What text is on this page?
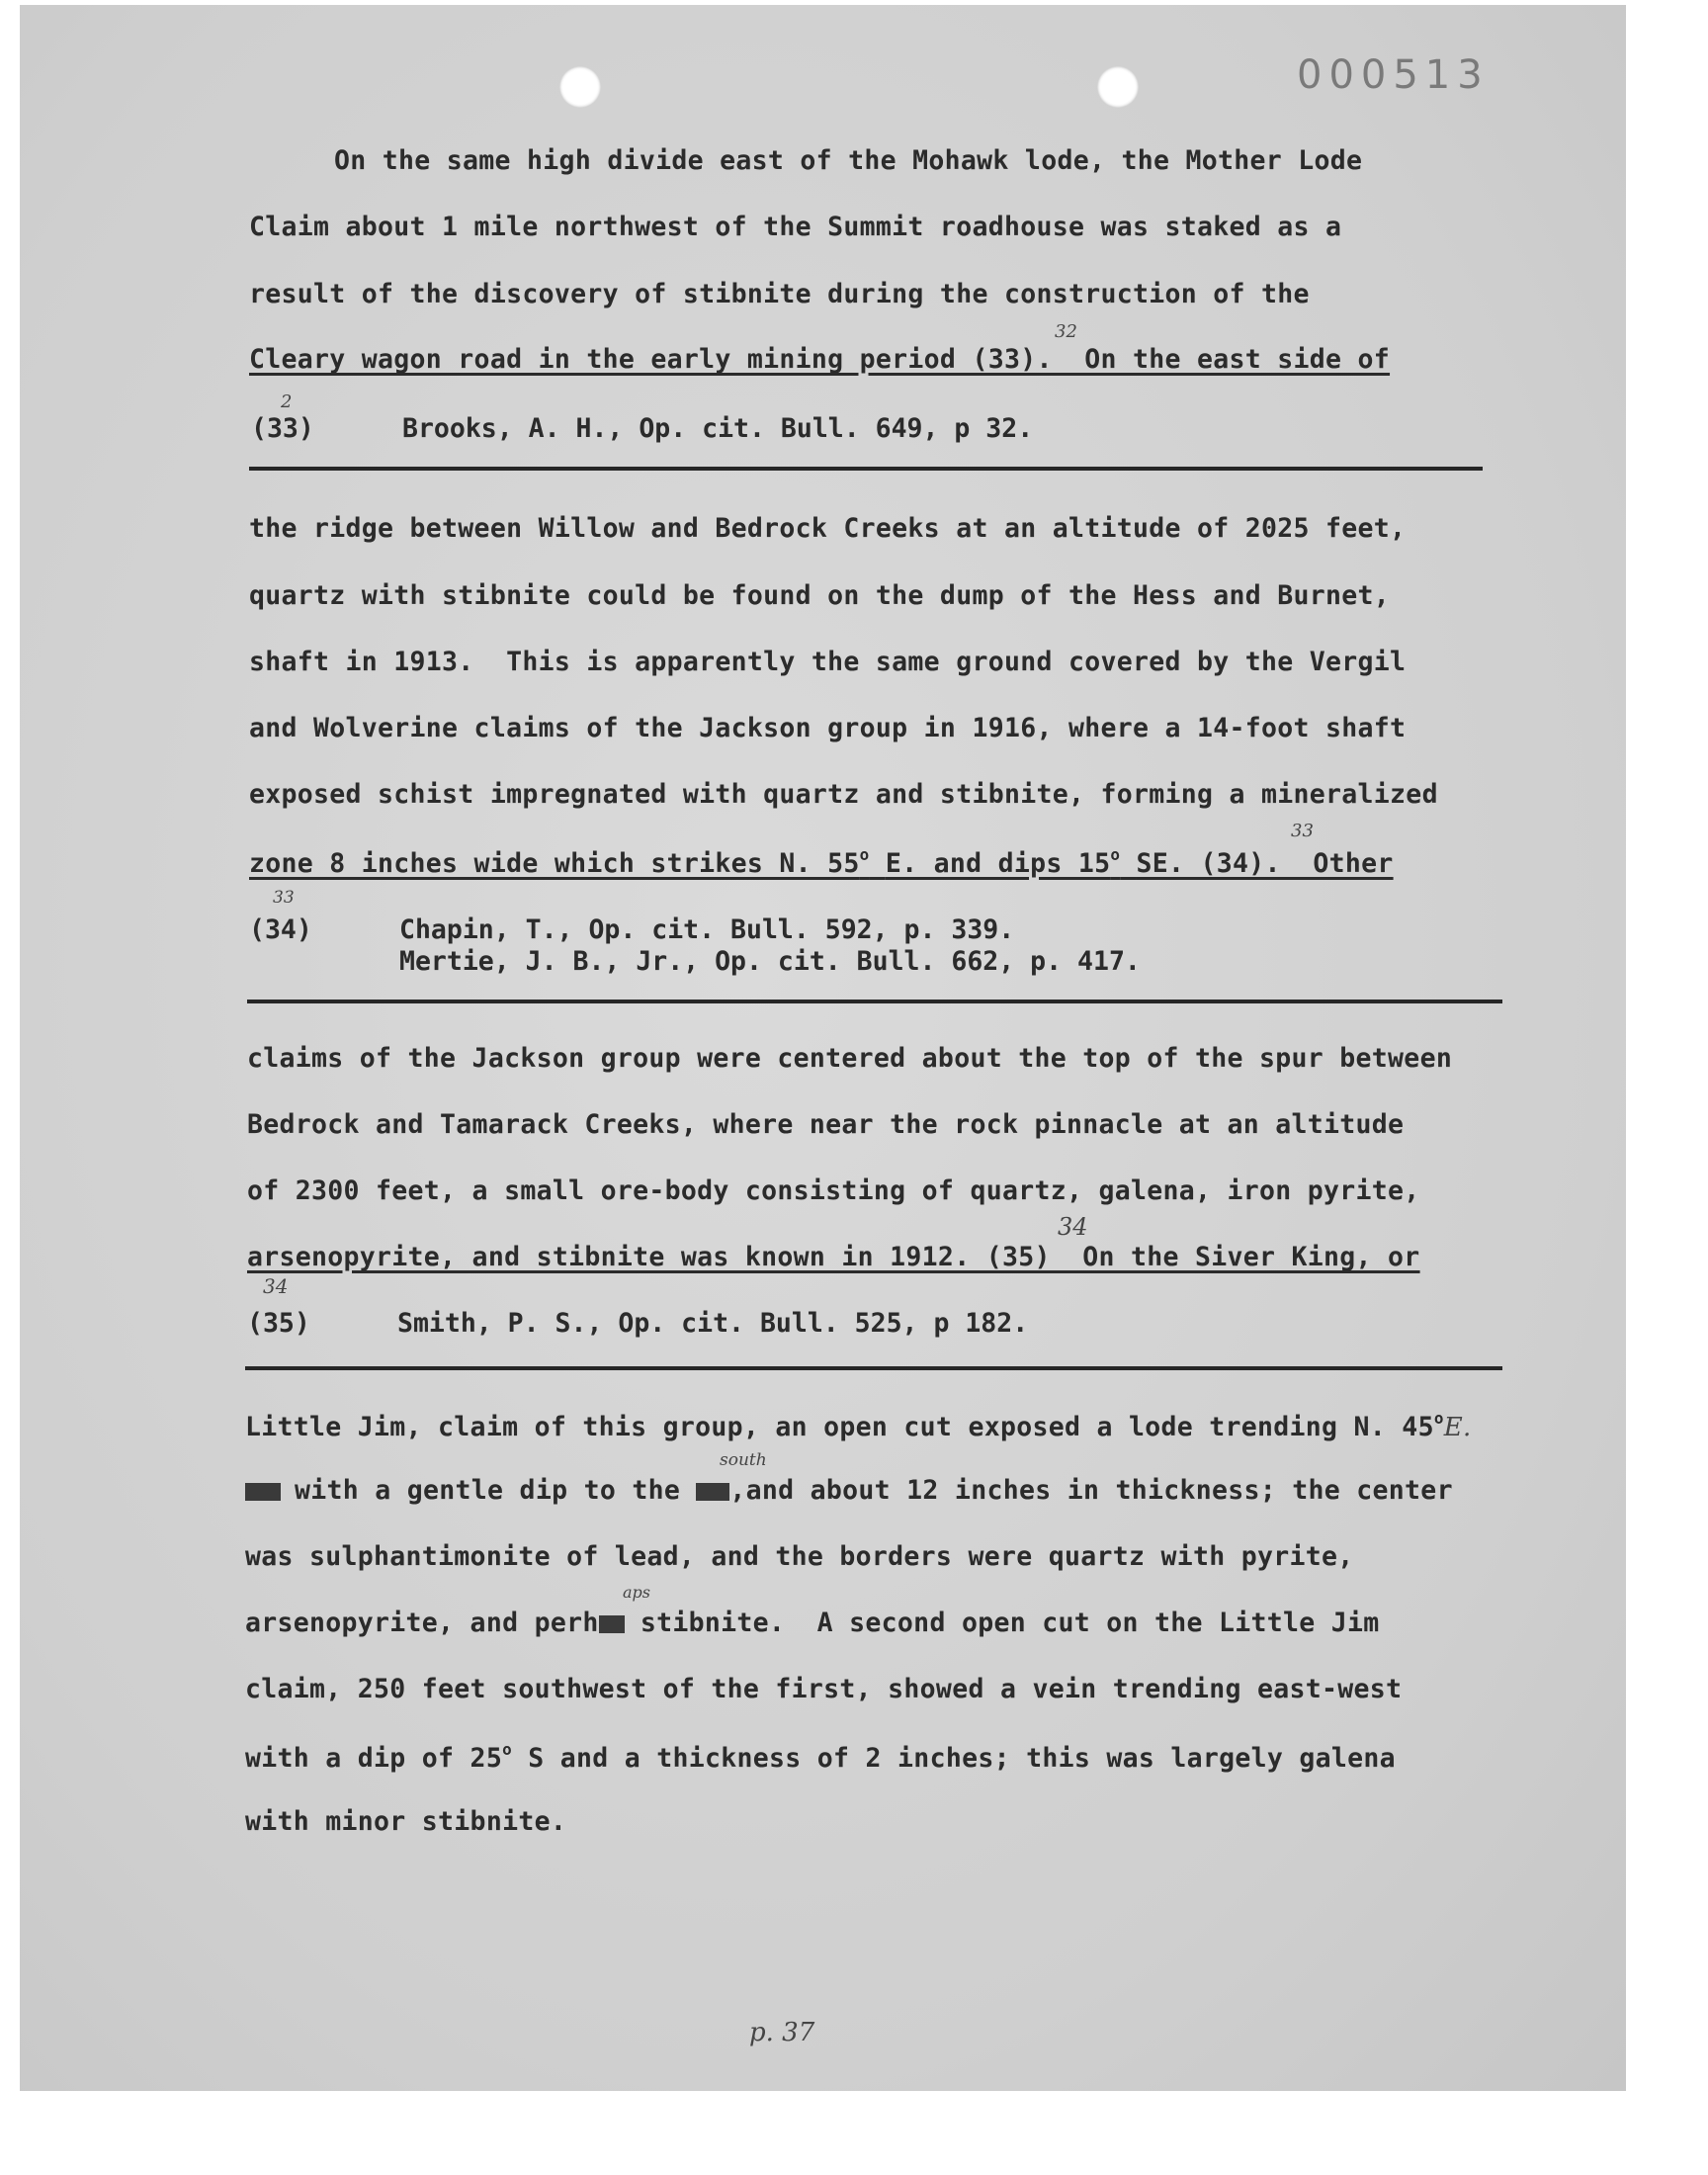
000513
On the same high divide east of the Mohawk lode, the Mother Lode
Claim about 1 mile northwest of the Summit roadhouse was staked as a
result of the discovery of stibnite during the construction of the
Cleary wagon road in the early mining period (33).  On the east side of
32
2
(33)	Brooks, A. H., Op. cit. Bull. 649, p 32.
the ridge between Willow and Bedrock Creeks at an altitude of 2025 feet,
quartz with stibnite could be found on the dump of the Hess and Burnet,
shaft in 1913.  This is apparently the same ground covered by the Vergil
and Wolverine claims of the Jackson group in 1916, where a 14-foot shaft
exposed schist impregnated with quartz and stibnite, forming a mineralized
zone 8 inches wide which strikes N. 55$^o$ E. and dips 15$^o$ SE. (34).  Other
33
33
(34)	Chapin, T., Op. cit. Bull. 592, p. 339.
Mertie, J. B., Jr., Op. cit. Bull. 662, p. 417.
claims of the Jackson group were centered about the top of the spur between
Bedrock and Tamarack Creeks, where near the rock pinnacle at an altitude
of 2300 feet, a small ore-body consisting of quartz, galena, iron pyrite,
arsenopyrite, and stibnite was known in 1912. (35)  On the Siver King, or
34
34
(35)	Smith, P. S., Op. cit. Bull. 525, p 182.
Little Jim, claim of this group, an open cut exposed a lode trending N. 45$^o$E.
with a gentle dip to the ,and about 12 inches in thickness; the center
south
was sulphantimonite of lead, and the borders were quartz with pyrite,
arsenopyrite, and perh stibnite.  A second open cut on the Little Jim
aps
claim, 250 feet southwest of the first, showed a vein trending east-west
with a dip of 25$^o$ S and a thickness of 2 inches; this was largely galena
with minor stibnite.
p. 37
